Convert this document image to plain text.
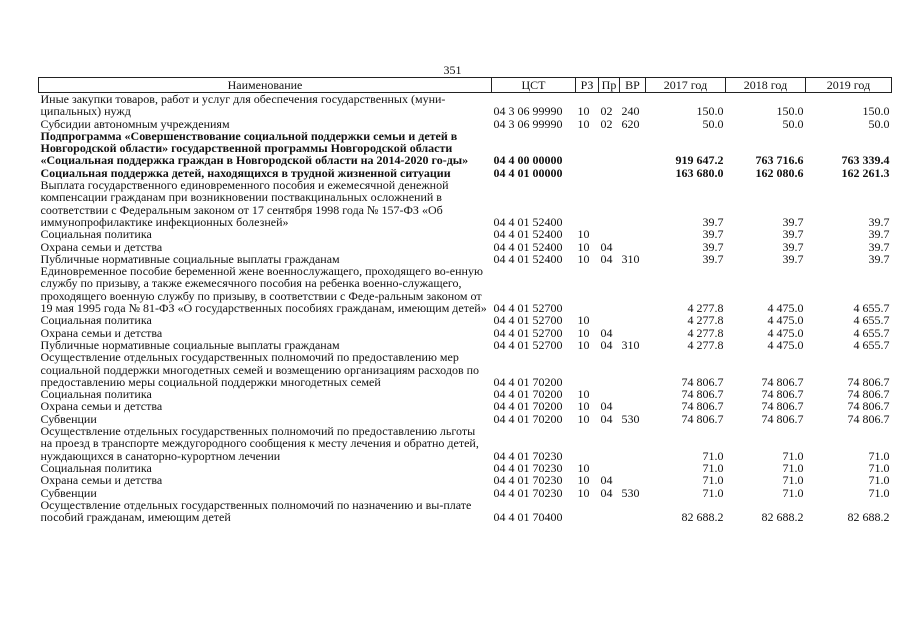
351
Наименование	ЦСТ	РЗ	Пр	ВР	2017 год	2018 год	2019 год
Иные закупки товаров, работ и услуг для обеспечения государственных (муни-ципальных) нужд	04 3 06 99990	10	02	240	150.0	150.0	150.0
Субсидии автономным учреждениям	04 3 06 99990	10	02	620	50.0	50.0	50.0
Подпрограмма «Совершенствование социальной поддержки семьи и детей в Новгородской области» государственной программы Новгородской области «Социальная поддержка граждан в Новгородской области на 2014-2020 го-ды»	04 4 00 00000				919 647.2	763 716.6	763 339.4
Социальная поддержка детей, находящихся в трудной жизненной ситуации	04 4 01 00000				163 680.0	162 080.6	162 261.3
Выплата государственного единовременного пособия и ежемесячной денежной компенсации гражданам при возникновении поствакцинальных осложнений в соответствии с Федеральным законом от 17 сентября 1998 года № 157-ФЗ «Об иммунопрофилактике инфекционных болезней»	04 4 01 52400				39.7	39.7	39.7
Социальная политика	04 4 01 52400	10			39.7	39.7	39.7
Охрана семьи и детства	04 4 01 52400	10	04		39.7	39.7	39.7
Публичные нормативные социальные выплаты гражданам	04 4 01 52400	10	04	310	39.7	39.7	39.7
Единовременное пособие беременной жене военнослужащего, проходящего во-енную службу по призыву, а также ежемесячного пособия на ребенка военно-служащего, проходящего военную службу по призыву, в соответствии с Феде-ральным законом от 19 мая 1995 года № 81-ФЗ «О государственных пособиях гражданам, имеющим детей»	04 4 01 52700				4 277.8	4 475.0	4 655.7
Социальная политика	04 4 01 52700	10			4 277.8	4 475.0	4 655.7
Охрана семьи и детства	04 4 01 52700	10	04		4 277.8	4 475.0	4 655.7
Публичные нормативные социальные выплаты гражданам	04 4 01 52700	10	04	310	4 277.8	4 475.0	4 655.7
Осуществление отдельных государственных полномочий по предоставлению мер социальной поддержки многодетных семей и возмещению организациям расходов по предоставлению меры социальной поддержки многодетных семей	04 4 01 70200				74 806.7	74 806.7	74 806.7
Социальная политика	04 4 01 70200	10			74 806.7	74 806.7	74 806.7
Охрана семьи и детства	04 4 01 70200	10	04		74 806.7	74 806.7	74 806.7
Субвенции	04 4 01 70200	10	04	530	74 806.7	74 806.7	74 806.7
Осуществление отдельных государственных полномочий по предоставлению льготы на проезд в транспорте междугородного сообщения к месту лечения и обратно детей, нуждающихся в санаторно-курортном лечении	04 4 01 70230				71.0	71.0	71.0
Социальная политика	04 4 01 70230	10			71.0	71.0	71.0
Охрана семьи и детства	04 4 01 70230	10	04		71.0	71.0	71.0
Субвенции	04 4 01 70230	10	04	530	71.0	71.0	71.0
Осуществление отдельных государственных полномочий по назначению и вы-плате пособий гражданам, имеющим детей	04 4 01 70400				82 688.2	82 688.2	82 688.2
